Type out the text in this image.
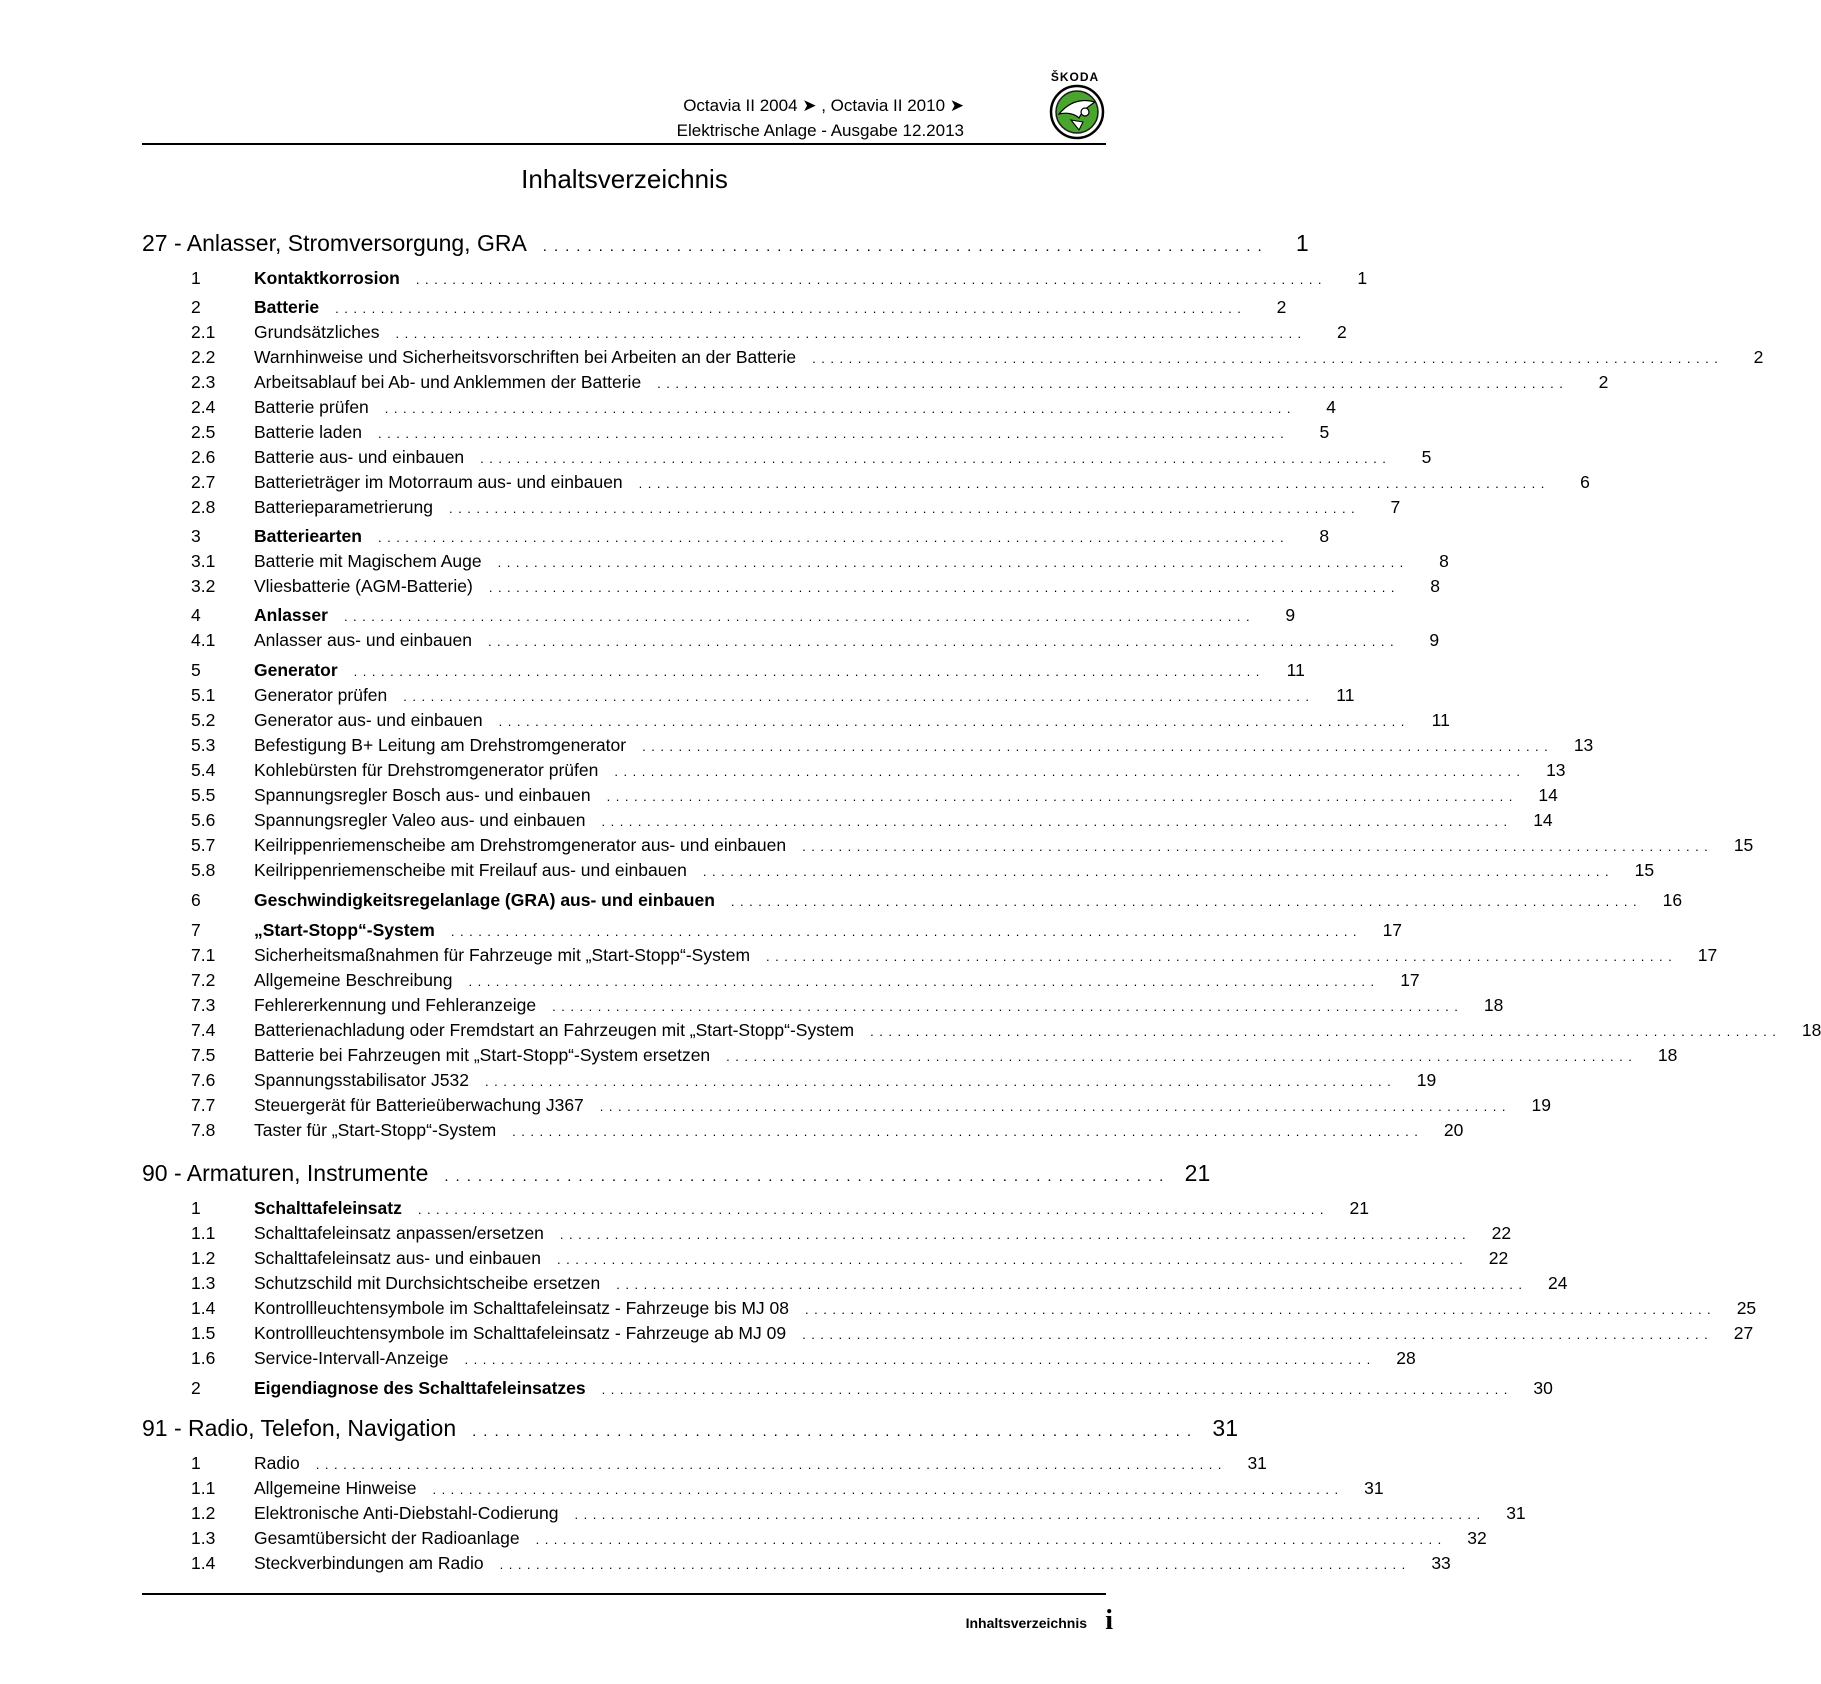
Octavia II 2004 ➤ , Octavia II 2010 ➤
Elektrische Anlage - Ausgabe 12.2013
ŠKODA
Inhaltsverzeichnis
27 - Anlasser, Stromversorgung, GRA .................................................................	1
1	Kontaktkorrosion ....................................................................................................	1
2	Batterie ....................................................................................................	2
2.1	Grundsätzliches ....................................................................................................	2
2.2	Warnhinweise und Sicherheitsvorschriften bei Arbeiten an der Batterie ....................................................................................................	2
2.3	Arbeitsablauf bei Ab- und Anklemmen der Batterie ....................................................................................................	2
2.4	Batterie prüfen ....................................................................................................	4
2.5	Batterie laden ....................................................................................................	5
2.6	Batterie aus- und einbauen ....................................................................................................	5
2.7	Batterieträger im Motorraum aus- und einbauen ....................................................................................................	6
2.8	Batterieparametrierung ....................................................................................................	7
3	Batteriearten ....................................................................................................	8
3.1	Batterie mit Magischem Auge ....................................................................................................	8
3.2	Vliesbatterie (AGM-Batterie) ....................................................................................................	8
4	Anlasser ....................................................................................................	9
4.1	Anlasser aus- und einbauen ....................................................................................................	9
5	Generator ....................................................................................................	11
5.1	Generator prüfen ....................................................................................................	11
5.2	Generator aus- und einbauen ....................................................................................................	11
5.3	Befestigung B+ Leitung am Drehstromgenerator ....................................................................................................	13
5.4	Kohlebürsten für Drehstromgenerator prüfen ....................................................................................................	13
5.5	Spannungsregler Bosch aus- und einbauen ....................................................................................................	14
5.6	Spannungsregler Valeo aus- und einbauen ....................................................................................................	14
5.7	Keilrippenriemenscheibe am Drehstromgenerator aus- und einbauen ....................................................................................................	15
5.8	Keilrippenriemenscheibe mit Freilauf aus- und einbauen ....................................................................................................	15
6	Geschwindigkeitsregelanlage (GRA) aus- und einbauen ....................................................................................................	16
7	„Start-Stopp“-System ....................................................................................................	17
7.1	Sicherheitsmaßnahmen für Fahrzeuge mit „Start-Stopp“-System ....................................................................................................	17
7.2	Allgemeine Beschreibung ....................................................................................................	17
7.3	Fehlererkennung und Fehleranzeige ....................................................................................................	18
7.4	Batterienachladung oder Fremdstart an Fahrzeugen mit „Start-Stopp“-System ....................................................................................................	18
7.5	Batterie bei Fahrzeugen mit „Start-Stopp“-System ersetzen ....................................................................................................	18
7.6	Spannungsstabilisator J532 ....................................................................................................	19
7.7	Steuergerät für Batterieüberwachung J367 ....................................................................................................	19
7.8	Taster für „Start-Stopp“-System ....................................................................................................	20
90 - Armaturen, Instrumente ................................................................. 21
1	Schalttafeleinsatz ....................................................................................................	21
1.1	Schalttafeleinsatz anpassen/ersetzen ....................................................................................................	22
1.2	Schalttafeleinsatz aus- und einbauen ....................................................................................................	22
1.3	Schutzschild mit Durchsichtscheibe ersetzen ....................................................................................................	24
1.4	Kontrollleuchtensymbole im Schalttafeleinsatz - Fahrzeuge bis MJ 08 ....................................................................................................	25
1.5	Kontrollleuchtensymbole im Schalttafeleinsatz - Fahrzeuge ab MJ 09 ....................................................................................................	27
1.6	Service-Intervall-Anzeige ....................................................................................................	28
2	Eigendiagnose des Schalttafeleinsatzes ....................................................................................................	30
91 - Radio, Telefon, Navigation ................................................................. 31
1	Radio ....................................................................................................	31
1.1	Allgemeine Hinweise ....................................................................................................	31
1.2	Elektronische Anti-Diebstahl-Codierung ....................................................................................................	31
1.3	Gesamtübersicht der Radioanlage ....................................................................................................	32
1.4	Steckverbindungen am Radio ....................................................................................................	33
Inhaltsverzeichnis i
